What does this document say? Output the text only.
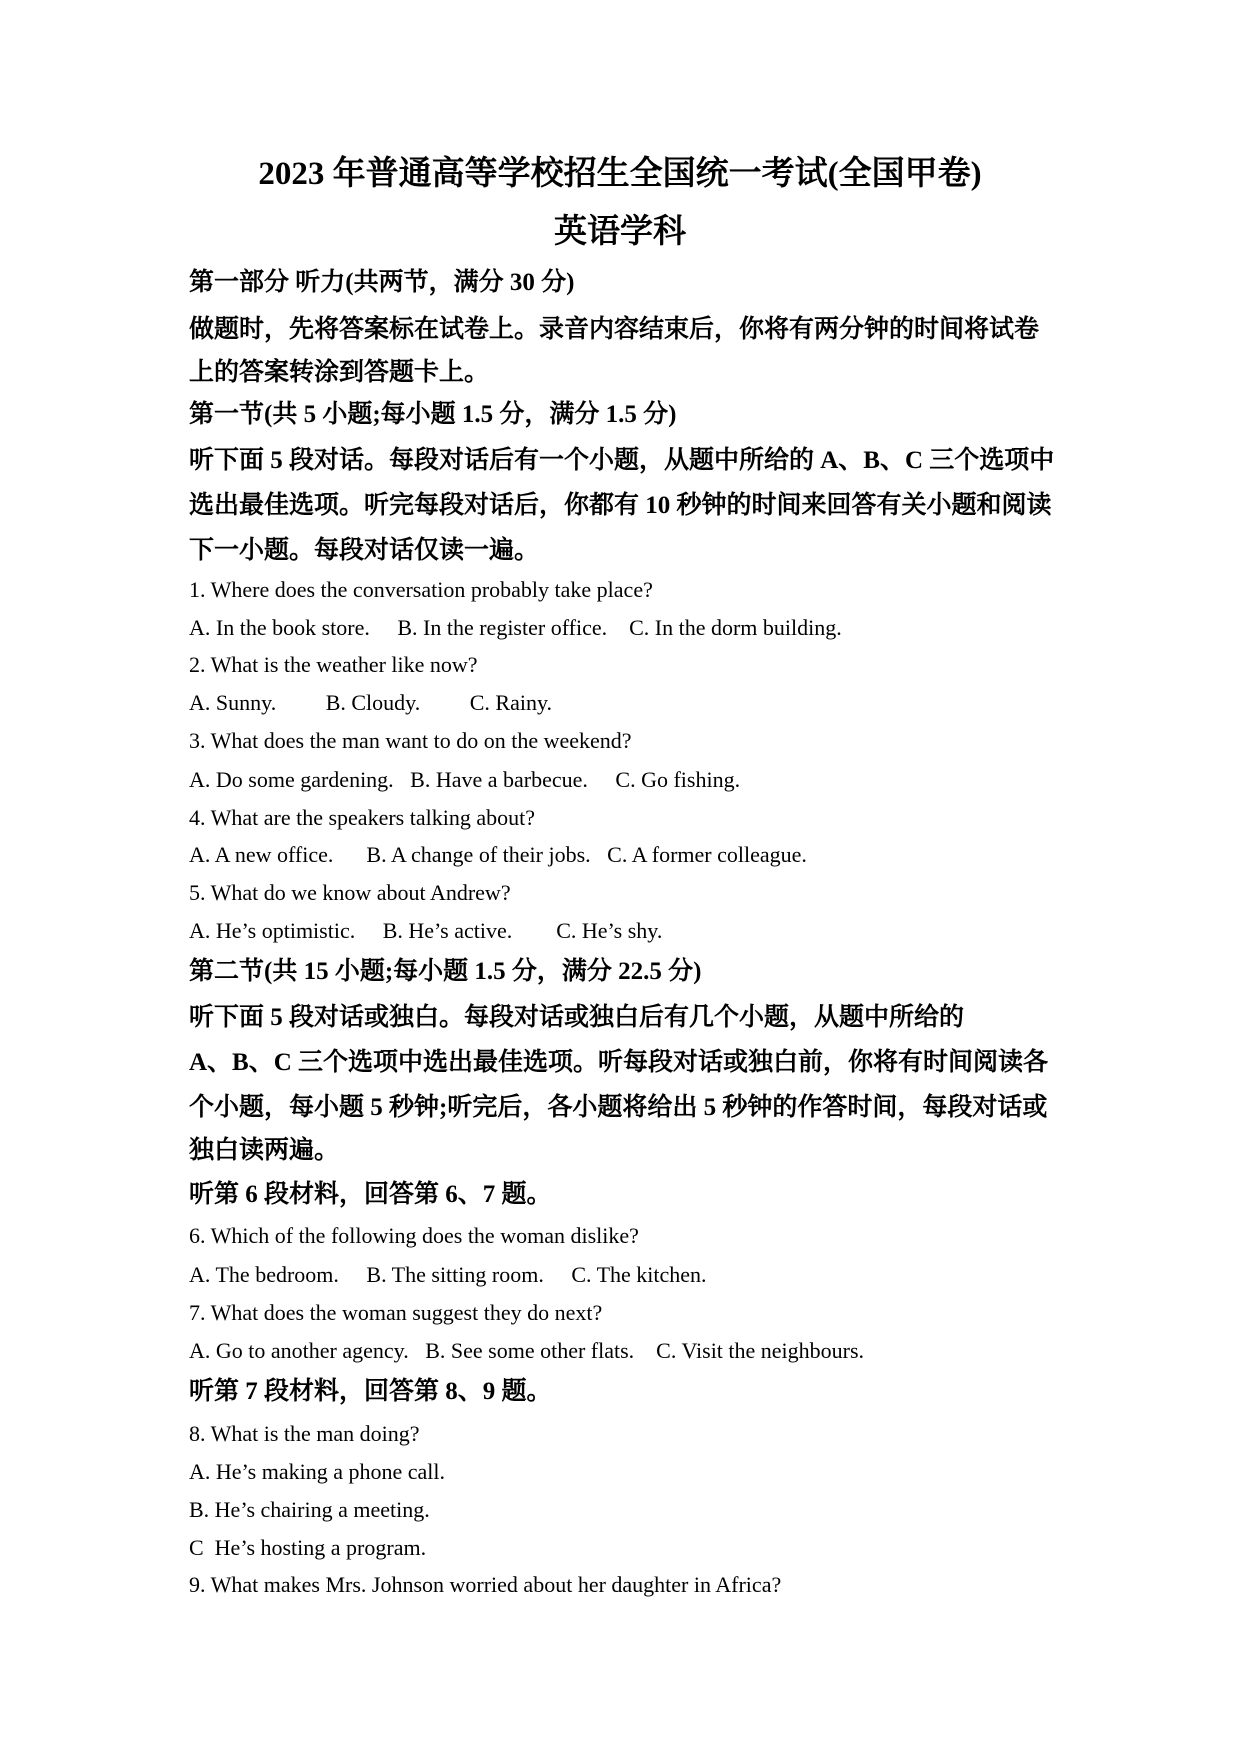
2023 年普通高等学校招生全国统一考试(全国甲卷)
英语学科
第一部分 听力(共两节，满分 30 分)
做题时，先将答案标在试卷上。录音内容结束后，你将有两分钟的时间将试卷
上的答案转涂到答题卡上。
第一节(共 5 小题;每小题 1.5 分，满分 1.5 分)
听下面 5 段对话。每段对话后有一个小题，从题中所给的 A、B、C 三个选项中
选出最佳选项。听完每段对话后，你都有 10 秒钟的时间来回答有关小题和阅读
下一小题。每段对话仅读一遍。
1. Where does the conversation probably take place?
A. In the book store.     B. In the register office.    C. In the dorm building.
2. What is the weather like now?
A. Sunny.         B. Cloudy.         C. Rainy.
3. What does the man want to do on the weekend?
A. Do some gardening.   B. Have a barbecue.     C. Go fishing.
4. What are the speakers talking about?
A. A new office.      B. A change of their jobs.   C. A former colleague.
5. What do we know about Andrew?
A. He’s optimistic.     B. He’s active.        C. He’s shy.
第二节(共 15 小题;每小题 1.5 分，满分 22.5 分)
听下面 5 段对话或独白。每段对话或独白后有几个小题，从题中所给的
A、B、C 三个选项中选出最佳选项。听每段对话或独白前，你将有时间阅读各
个小题，每小题 5 秒钟;听完后，各小题将给出 5 秒钟的作答时间，每段对话或
独白读两遍。
听第 6 段材料，回答第 6、7 题。
6. Which of the following does the woman dislike?
A. The bedroom.     B. The sitting room.     C. The kitchen.
7. What does the woman suggest they do next?
A. Go to another agency.   B. See some other flats.    C. Visit the neighbours.
听第 7 段材料，回答第 8、9 题。
8. What is the man doing?
A. He’s making a phone call.
B. He’s chairing a meeting.
C  He’s hosting a program.
9. What makes Mrs. Johnson worried about her daughter in Africa?
